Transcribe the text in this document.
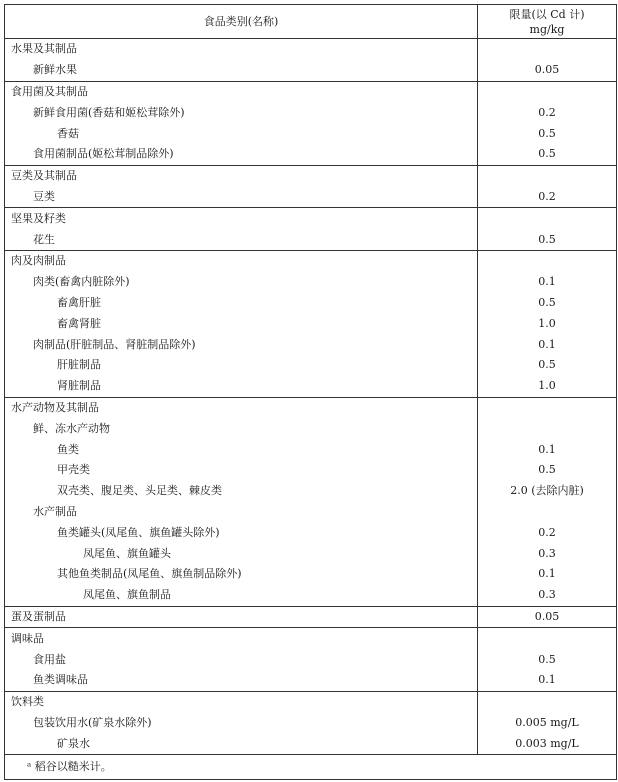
食品类别(名称)	限量(以 Cd 计)
mg/kg

水果及其制品	
新鲜水果	0.05
食用菌及其制品	
新鲜食用菌(香菇和姬松茸除外)	0.2
香菇	0.5
食用菌制品(姬松茸制品除外)	0.5
豆类及其制品	
豆类	0.2
坚果及籽类	
花生	0.5
肉及肉制品	
肉类(畜禽内脏除外)	0.1
畜禽肝脏	0.5
畜禽肾脏	1.0
肉制品(肝脏制品、肾脏制品除外)	0.1
肝脏制品	0.5
肾脏制品	1.0
水产动物及其制品	
鲜、冻水产动物	
鱼类	0.1
甲壳类	0.5
双壳类、腹足类、头足类、棘皮类	2.0 (去除内脏)
水产制品	
鱼类罐头(凤尾鱼、旗鱼罐头除外)	0.2
凤尾鱼、旗鱼罐头	0.3
其他鱼类制品(凤尾鱼、旗鱼制品除外)	0.1
凤尾鱼、旗鱼制品	0.3
蛋及蛋制品	0.05
调味品	
食用盐	0.5
鱼类调味品	0.1
饮料类	
包装饮用水(矿泉水除外)	0.005 mg/L
矿泉水	0.003 mg/L
ᵃ 稻谷以糙米计。	
